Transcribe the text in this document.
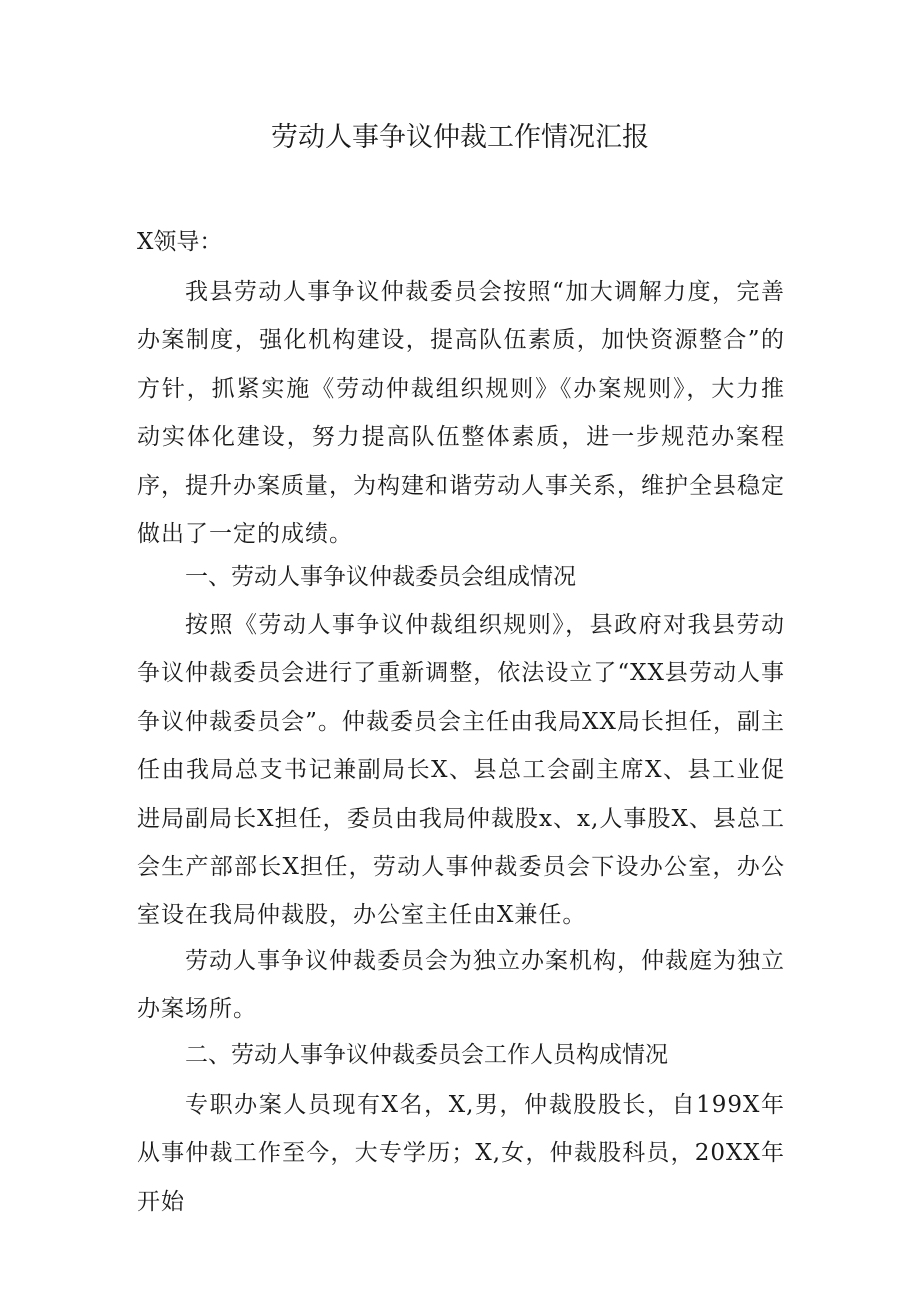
劳动人事争议仲裁工作情况汇报

X领导：

我县劳动人事争议仲裁委员会按照“加大调解力度，完善办案制度，强化机构建设，提高队伍素质，加快资源整合”的方针，抓紧实施《劳动仲裁组织规则》《办案规则》，大力推动实体化建设，努力提高队伍整体素质，进一步规范办案程序，提升办案质量，为构建和谐劳动人事关系，维护全县稳定做出了一定的成绩。

一、劳动人事争议仲裁委员会组成情况

按照《劳动人事争议仲裁组织规则》，县政府对我县劳动争议仲裁委员会进行了重新调整，依法设立了“XX县劳动人事争议仲裁委员会”。仲裁委员会主任由我局XX局长担任，副主任由我局总支书记兼副局长X、县总工会副主席X、县工业促进局副局长X担任，委员由我局仲裁股x、x,人事股X、县总工会生产部部长X担任，劳动人事仲裁委员会下设办公室，办公室设在我局仲裁股，办公室主任由X兼任。

劳动人事争议仲裁委员会为独立办案机构，仲裁庭为独立办案场所。

二、劳动人事争议仲裁委员会工作人员构成情况

专职办案人员现有X名，X,男，仲裁股股长，自199X年从事仲裁工作至今，大专学历；X,女，仲裁股科员，20XX年开始
